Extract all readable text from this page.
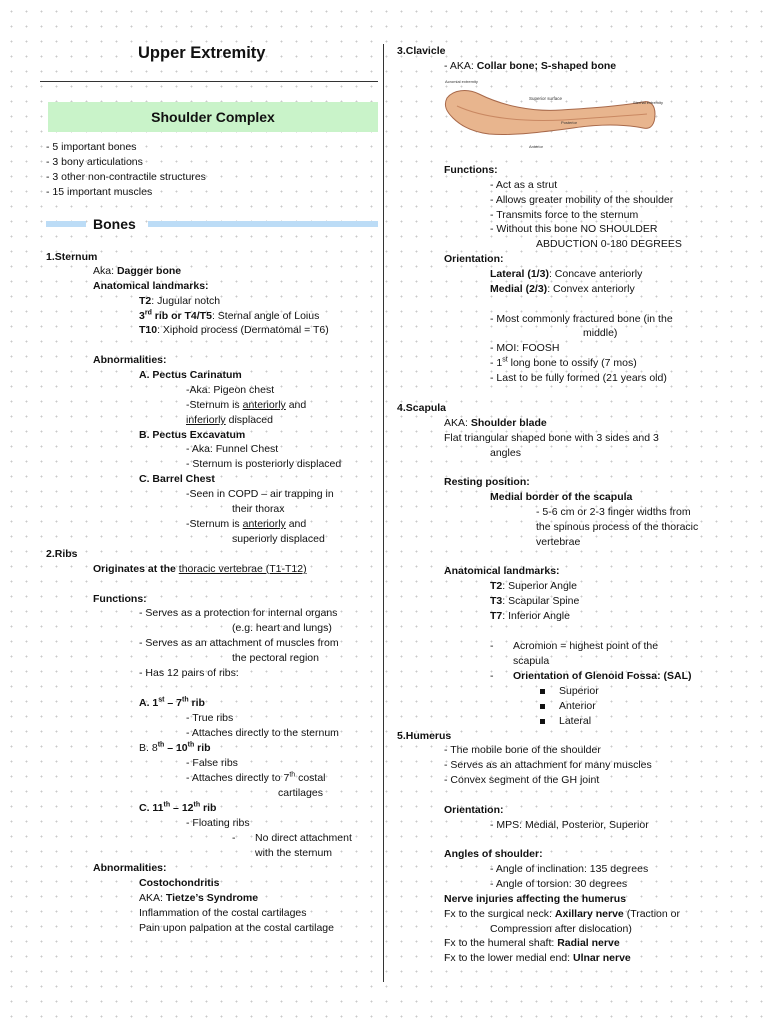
Upper Extremity
Shoulder Complex
- 5 important bones
- 3 bony articulations
- 3 other non-contractile structures
- 15 important muscles
Bones
1.Sternum
Aka: Dagger bone
Anatomical landmarks:
T2: Jugular notch
3rd rib or T4/T5: Sternal angle of Loius
T10: Xiphoid process (Dermatomal = T6)
Abnormalities:
A. Pectus Carinatum
-Aka: Pigeon chest
-Sternum is anteriorly and
inferiorly displaced
B. Pectus Excavatum
- Aka: Funnel Chest
- Sternum is posteriorly displaced
C. Barrel Chest
-Seen in COPD – air trapping in
their thorax
-Sternum is anteriorly and
superiorly displaced
2.Ribs
Originates at the thoracic vertebrae (T1-T12)
Functions:
- Serves as a protection for internal organs
(e.g. heart and lungs)
- Serves as an attachment of muscles from
the pectoral region
- Has 12 pairs of ribs:
A. 1st – 7th rib
- True ribs
- Attaches directly to the sternum
B. 8th – 10th rib
- False ribs
- Attaches directly to 7th costal
cartilages
C. 11th – 12th rib
- Floating ribs
- No direct attachment
with the sternum
Abnormalities:
Costochondritis
AKA: Tietze’s Syndrome
Inflammation of the costal cartilages
Pain upon palpation at the costal cartilage
3.Clavicle
- AKA: Collar bone; S-shaped bone
Acromial extremity
Superior surface
Sternal extremity
Posterior
Anterior
Functions:
- Act as a strut
- Allows greater mobility of the shoulder
- Transmits force to the sternum
- Without this bone NO SHOULDER
ABDUCTION 0-180 DEGREES
Orientation:
Lateral (1/3): Concave anteriorly
Medial (2/3): Convex anteriorly
- Most commonly fractured bone (in the
middle)
- MOI: FOOSH
- 1st long bone to ossify (7 mos)
- Last to be fully formed (21 years old)
4.Scapula
AKA: Shoulder blade
Flat triangular shaped bone with 3 sides and 3
angles
Resting position:
Medial border of the scapula
- 5-6 cm or 2-3 finger widths from
the spinous process of the thoracic
vertebrae
Anatomical landmarks:
T2: Superior Angle
T3: Scapular Spine
T7: Inferior Angle
- Acromion = highest point of the
scapula
- Orientation of Glenoid Fossa: (SAL)
Superior
Anterior
Lateral
5.Humerus
- The mobile bone of the shoulder
- Serves as an attachment for many muscles
- Convex segment of the GH joint
Orientation:
- MPS: Medial, Posterior, Superior
Angles of shoulder:
- Angle of inclination: 135 degrees
- Angle of torsion: 30 degrees
Nerve injuries affecting the humerus
Fx to the surgical neck: Axillary nerve (Traction or
Compression after dislocation)
Fx to the humeral shaft: Radial nerve
Fx to the lower medial end: Ulnar nerve
